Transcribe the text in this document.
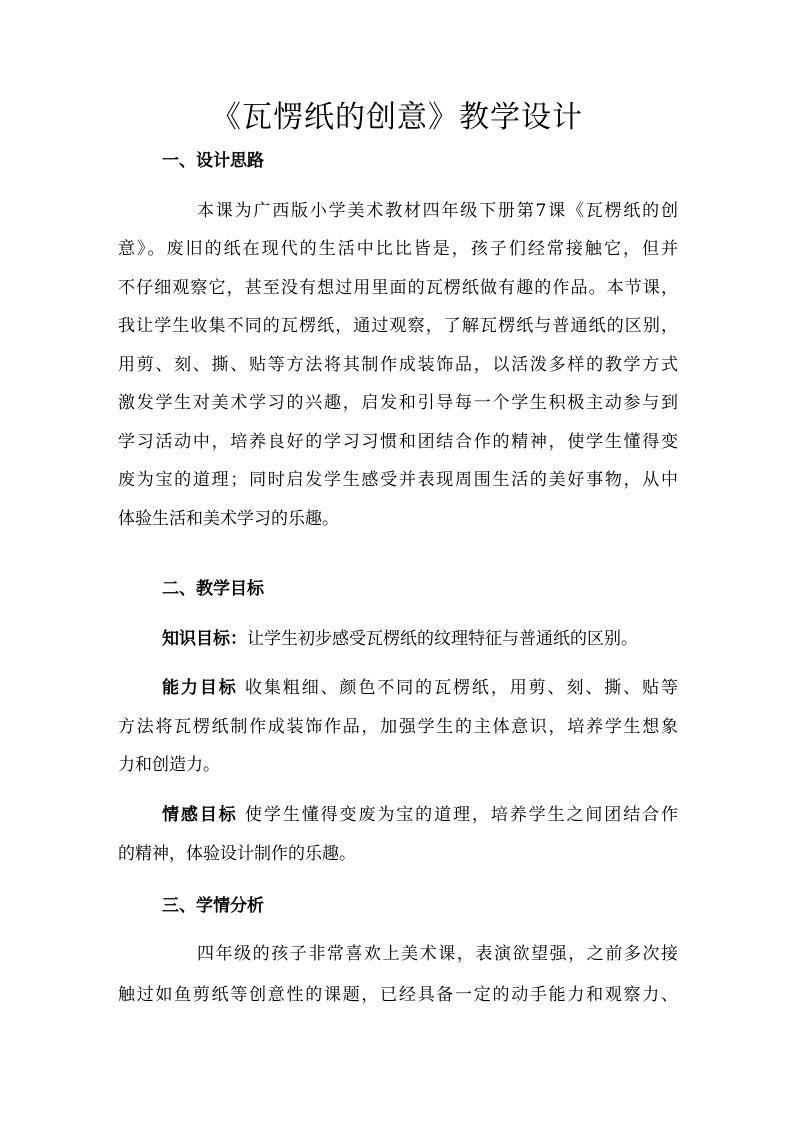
《瓦愣纸的创意》教学设计
一、设计思路
本课为广西版小学美术教材四年级下册第7课《瓦楞纸的创
意》。废旧的纸在现代的生活中比比皆是，孩子们经常接触它，但并
不仔细观察它，甚至没有想过用里面的瓦楞纸做有趣的作品。本节课，
我让学生收集不同的瓦楞纸，通过观察，了解瓦楞纸与普通纸的区别，
用剪、刻、撕、贴等方法将其制作成装饰品，以活泼多样的教学方式
激发学生对美术学习的兴趣，启发和引导每一个学生积极主动参与到
学习活动中，培养良好的学习习惯和团结合作的精神，使学生懂得变
废为宝的道理；同时启发学生感受并表现周围生活的美好事物，从中
体验生活和美术学习的乐趣。
二、教学目标
知识目标：让学生初步感受瓦楞纸的纹理特征与普通纸的区别。
能力目标 收集粗细、颜色不同的瓦楞纸，用剪、刻、撕、贴等
方法将瓦楞纸制作成装饰作品，加强学生的主体意识，培养学生想象
力和创造力。
情感目标 使学生懂得变废为宝的道理，培养学生之间团结合作
的精神，体验设计制作的乐趣。
三、学情分析
四年级的孩子非常喜欢上美术课，表演欲望强，之前多次接
触过如鱼剪纸等创意性的课题，已经具备一定的动手能力和观察力、
